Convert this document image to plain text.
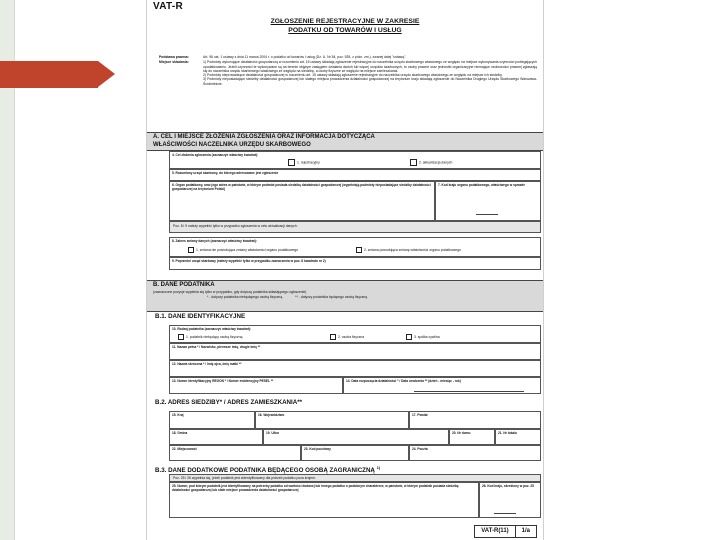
VAT-R
ZGŁOSZENIE REJESTRACYJNE W ZAKRESIE
PODATKU OD TOWARÓW I USŁUG
Podstawa prawna:	Art. 96 ust. 1 ustawy z dnia 11 marca 2004 r. o podatku od towarów i usług (Dz. U. Nr 54, poz. 535, z późn. zm.), zwanej dalej "ustawą".
Miejsce składania:	1) Podmioty wykonujące działalność gospodarczą w rozumieniu art. 15 ustawy składają zgłoszenie rejestracyjne do naczelnika urzędu skarbowego właściwego ze względu na miejsce wykonywania czynności podlegających opodatkowaniu. Jeżeli czynności te wykonywane są na terenie objętym zasięgiem działania dwóch lub więcej urzędów skarbowych, to osoby prawne oraz jednostki organizacyjne niemające osobowości prawnej zgłaszają się do naczelnika urzędu skarbowego właściwego ze względu na siedzibę, a osoby fizyczne ze względu na miejsce zamieszkania.
2) Podmioty nieprowadzące działalności gospodarczej w rozumieniu art. 15 ustawy składają zgłoszenie rejestracyjne do naczelnika urzędu skarbowego właściwego ze względu na miejsce ich siedziby.
3) Podmioty nieposiadające siedziby działalności gospodarczej lub stałego miejsca prowadzenia działalności gospodarczej na terytorium kraju składają zgłoszenie do Naczelnika Drugiego Urzędu Skarbowego Warszawa-Śródmieście.
A. CEL I MIEJSCE ZŁOŻENIA ZGŁOSZENIA ORAZ INFORMACJA DOTYCZĄCA
WŁAŚCIWOŚCI NACZELNIKA URZĘDU SKARBOWEGO
4. Cel złożenia zgłoszenia (zaznaczyć właściwy kwadrat):
1. rejestracyjny	2. aktualizacja danych
5. Rozumiany urzęd skarbowy, do którego adresowane jest zgłoszenie
6. Organ podatkowy, oraz jego adres w państwie, w którym podmiot posiada siedzibę działalności gospodarczej (wypełniają podmioty nieposiadające siedziby działalności gospodarczej na terytorium Polski)
7. Kod kraju organu podatkowego, właściwego w sprawie
Poz. 8 i 9 należy wypełnić tylko w przypadku zgłoszenia w celu aktualizacji danych.
8. Zakres zmiany danych (zaznaczyć właściwy kwadrat):
1. zmiana nie powodująca zmiany właściwości organu podatkowego	2. zmiana powodująca zmianę właściwości organu podatkowego
9. Poprzedni urząd skarbowy (należy wypełnić tylko w przypadku zaznaczenia w poz. 8 kwadratu nr 2)
B. DANE PODATNIKA
(zaznaczone pozycje wypełnia się tylko w przypadku, gdy dotyczą podatnika składającego zgłoszenie)
* - dotyczy podatnika niebędącego osobą fizyczną	** - dotyczy podatnika będącego osobą fizyczną
B.1. DANE IDENTYFIKACYJNE
10. Rodzaj podatnika (zaznaczyć właściwy kwadrat):
1. podatnik niebędący osobą fizyczną	2. osoba fizyczna	3. spółka cywilna
11. Nazwa pełna * / Nazwisko, pierwsze imię, drugie imię **
12. Nazwa skrócona * / Imię ojca, imię matki **
13. Numer identyfikacyjny REGON * / Numer ewidencyjny PESEL **	14. Data rozpoczęcia działalności * / Data urodzenia ** (dzień - miesiąc - rok)
B.2. ADRES SIEDZIBY* / ADRES ZAMIESZKANIA**
15. Kraj	16. Województwo	17. Powiat
18. Gmina	19. Ulica	20. Nr domu	21. Nr lokalu
22. Miejscowość	23. Kod pocztowy	24. Poczta
B.3. DANE DODATKOWE PODATNIKA BĘDĄCEGO OSOBĄ ZAGRANICZNĄ $^{1)}$
Poz. 25 i 26 wypełnia się, jeżeli podatnik jest zidentyfikowany dla potrzeb podatku poza krajem.
25. Numer, pod którym podatnik jest identyfikowany na potrzeby podatku od wartości dodanej lub innego podatku o podobnym charakterze, w państwie, w którym podatnik posiada siedzibę działalności gospodarczej lub stałe miejsce prowadzenia działalności gospodarczej
26. Kod kraju, określony w poz. 25
VAT-R(11)	1/a
